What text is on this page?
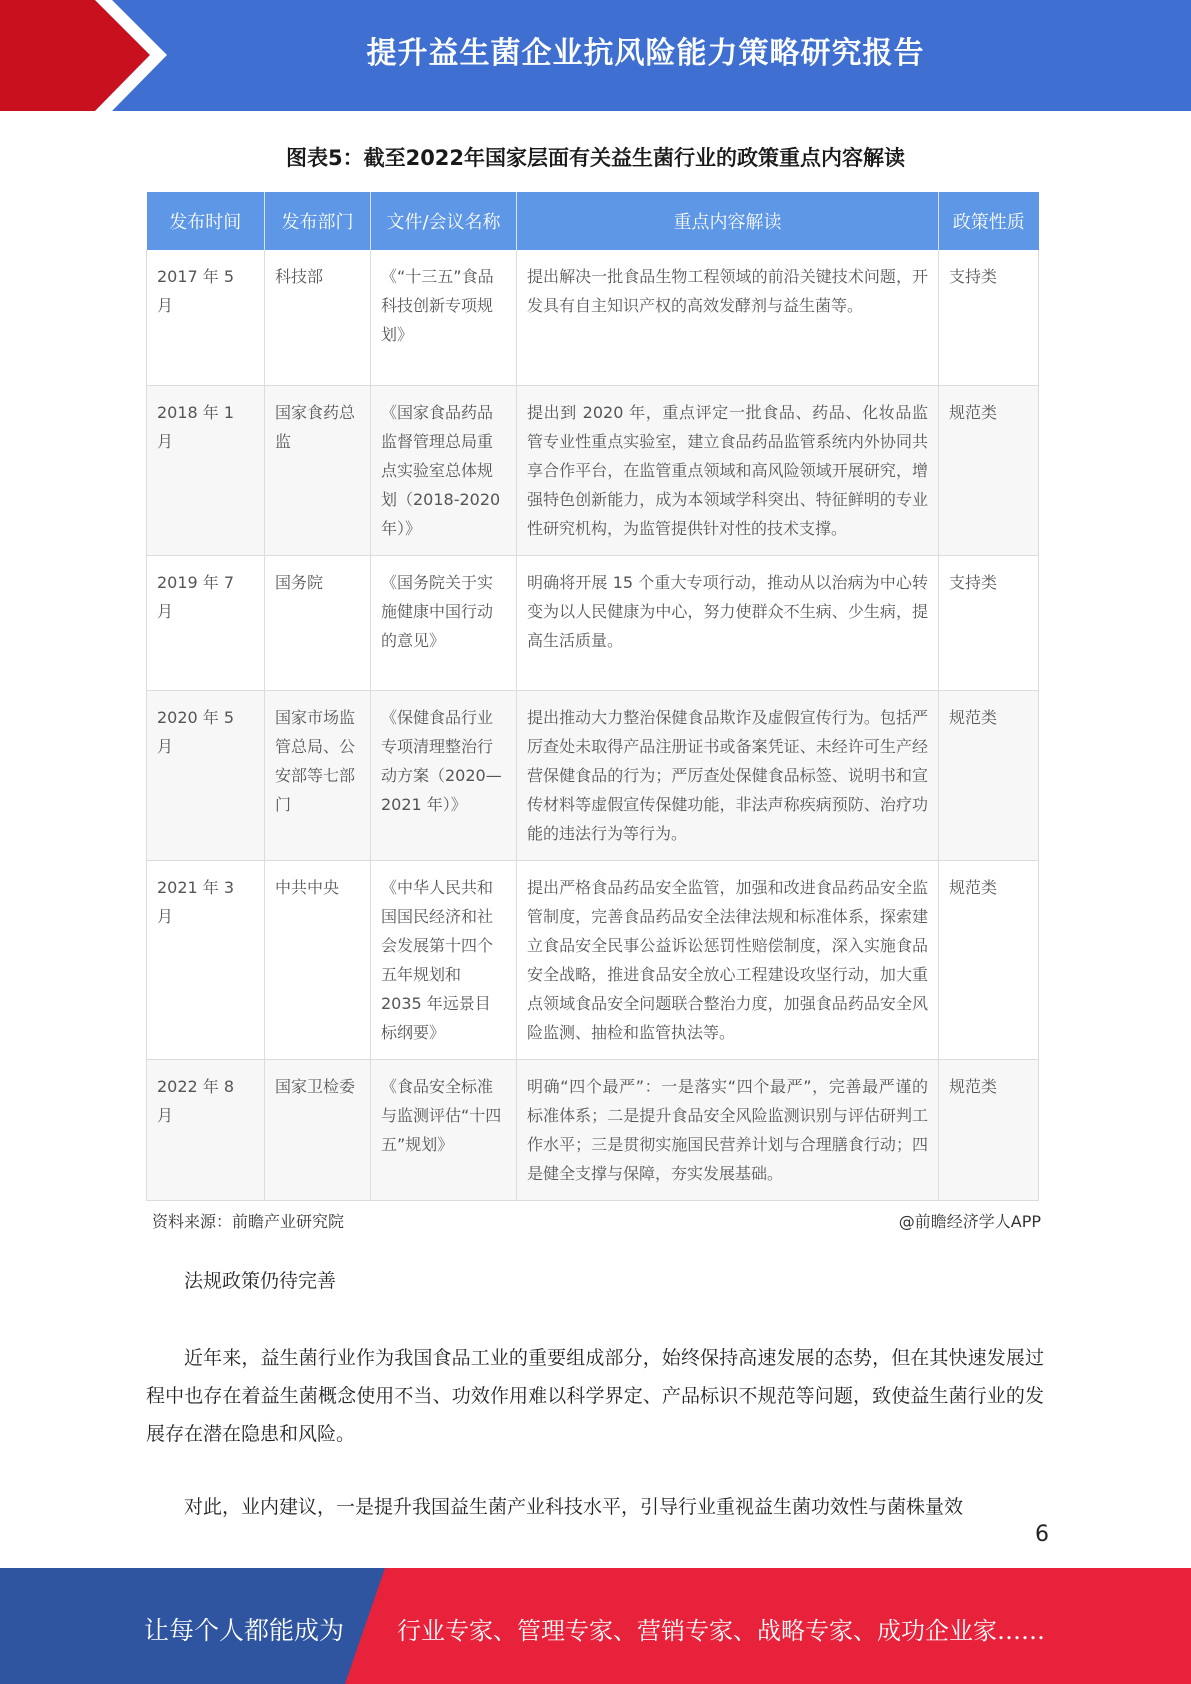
提升益生菌企业抗风险能力策略研究报告
图表5：截至2022年国家层面有关益生菌行业的政策重点内容解读
发布时间	发布部门	文件/会议名称	重点内容解读	政策性质
2017 年 5 月	科技部	《“十三五”食品科技创新专项规划》	提出解决一批食品生物工程领域的前沿关键技术问题，开发具有自主知识产权的高效发酵剂与益生菌等。	支持类
2018 年 1 月	国家食药总监	《国家食品药品监督管理总局重点实验室总体规划（2018-2020 年）》	提出到 2020 年，重点评定一批食品、药品、化妆品监管专业性重点实验室，建立食品药品监管系统内外协同共享合作平台，在监管重点领域和高风险领域开展研究，增强特色创新能力，成为本领域学科突出、特征鲜明的专业性研究机构，为监管提供针对性的技术支撑。	规范类
2019 年 7 月	国务院	《国务院关于实施健康中国行动的意见》	明确将开展 15 个重大专项行动，推动从以治病为中心转变为以人民健康为中心，努力使群众不生病、少生病，提高生活质量。	支持类
2020 年 5 月	国家市场监管总局、公安部等七部门	《保健食品行业专项清理整治行动方案（2020—2021 年）》	提出推动大力整治保健食品欺诈及虚假宣传行为。包括严厉查处未取得产品注册证书或备案凭证、未经许可生产经营保健食品的行为；严厉查处保健食品标签、说明书和宣传材料等虚假宣传保健功能，非法声称疾病预防、治疗功能的违法行为等行为。	规范类
2021 年 3 月	中共中央	《中华人民共和国国民经济和社会发展第十四个五年规划和 2035 年远景目标纲要》	提出严格食品药品安全监管，加强和改进食品药品安全监管制度，完善食品药品安全法律法规和标准体系，探索建立食品安全民事公益诉讼惩罚性赔偿制度，深入实施食品安全战略，推进食品安全放心工程建设攻坚行动，加大重点领域食品安全问题联合整治力度，加强食品药品安全风险监测、抽检和监管执法等。	规范类
2022 年 8 月	国家卫检委	《食品安全标准与监测评估“十四五”规划》	明确“四个最严”：一是落实“四个最严”，完善最严谨的标准体系；二是提升食品安全风险监测识别与评估研判工作水平；三是贯彻实施国民营养计划与合理膳食行动；四是健全支撑与保障，夯实发展基础。	规范类
资料来源：前瞻产业研究院	@前瞻经济学人APP
法规政策仍待完善
近年来，益生菌行业作为我国食品工业的重要组成部分，始终保持高速发展的态势，但在其快速发展过程中也存在着益生菌概念使用不当、功效作用难以科学界定、产品标识不规范等问题，致使益生菌行业的发展存在潜在隐患和风险。
对此，业内建议，一是提升我国益生菌产业科技水平，引导行业重视益生菌功效性与菌株量效
6
让每个人都能成为 行业专家、管理专家、营销专家、战略专家、成功企业家……
